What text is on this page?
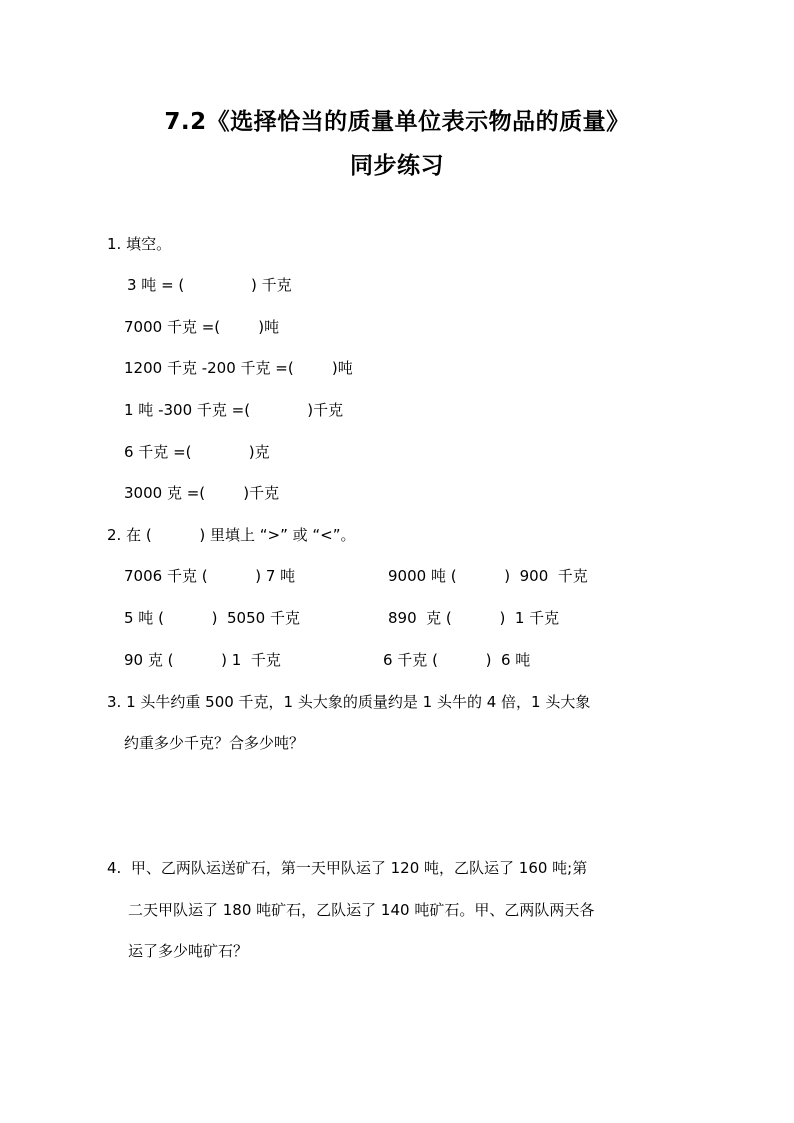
7.2《选择恰当的质量单位表示物品的质量》
同步练习
1. 填空。
3 吨 = (              ) 千克
7000 千克 =(        )吨
1200 千克 -200 千克 =(        )吨
1 吨 -300 千克 =(            )千克
6 千克 =(            )克
3000 克 =(        )千克
2. 在 (          ) 里填上 “>” 或 “<”。
7006 千克 (          ) 7 吨	9000 吨 (          )  900  千克
5 吨 (          )  5050 千克	890  克 (          )  1 千克
90 克 (          ) 1  千克	6 千克 (          )  6 吨
3. 1 头牛约重 500 千克，1 头大象的质量约是 1 头牛的 4 倍，1 头大象
约重多少千克？合多少吨？
4.  甲、乙两队运送矿石，第一天甲队运了 120 吨，乙队运了 160 吨;第
二天甲队运了 180 吨矿石，乙队运了 140 吨矿石。甲、乙两队两天各
运了多少吨矿石？
